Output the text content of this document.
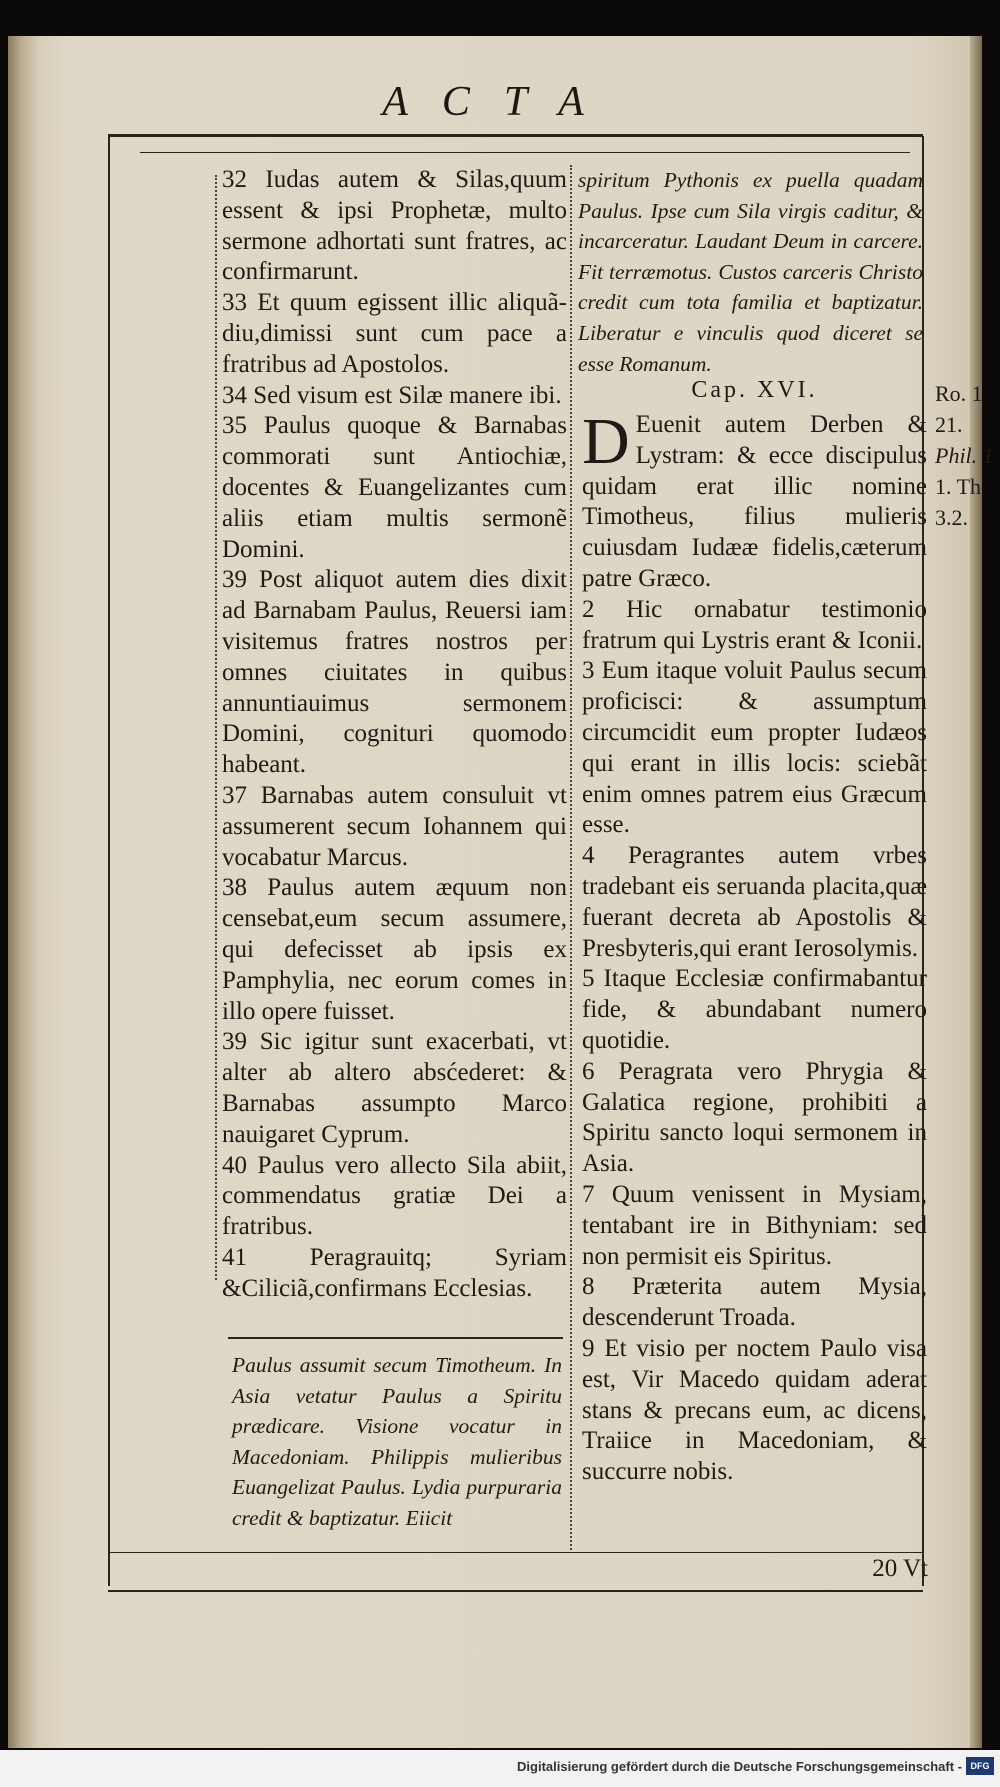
ACTA

32 Iudas autem & Silas,quum essent & ipsi Prophetæ, multo sermone adhortati sunt fratres, ac confirmarunt.

33 Et quum egissent illic aliquã-diu,dimissi sunt cum pace a fratribus ad Apostolos.

34 Sed visum est Silæ manere ibi.

35 Paulus quoque & Barnabas commorati sunt Antiochiæ, docentes & Euangelizantes cum aliis etiam multis sermonẽ Domini.

39 Post aliquot autem dies dixit ad Barnabam Paulus, Reuersi iam visitemus fratres nostros per omnes ciuitates in quibus annuntiauimus sermonem Domini, cognituri quomodo habeant.

37 Barnabas autem consuluit vt assumerent secum Iohannem qui vocabatur Marcus.

38 Paulus autem æquum non censebat,eum secum assumere, qui defecisset ab ipsis ex Pamphylia, nec eorum comes in illo opere fuisset.

39 Sic igitur sunt exacerbati, vt alter ab altero absćederet: & Barnabas assumpto Marco nauigaret Cyprum.

40 Paulus vero allecto Sila abiit, commendatus gratiæ Dei a fratribus.

41 Peragrauitq; Syriam &Ciliciã,confirmans Ecclesias.

Paulus assumit secum Timotheum. In Asia vetatur Paulus a Spiritu prædicare. Visione vocatur in Macedoniam. Philippis mulieribus Euangelizat Paulus. Lydia purpuraria credit & baptizatur. Eiicit

spiritum Pythonis ex puella quadam Paulus. Ipse cum Sila virgis caditur, & incarceratur. Laudant Deum in carcere. Fit terræmotus. Custos carceris Christo credit cum tota familia et baptizatur. Liberatur e vinculis quod diceret se esse Romanum.

Cap. XVI.

D Euenit autem Derben & Lystram: & ecce discipulus quidam erat illic nomine Timotheus, filius mulieris cuiusdam Iudææ fidelis,cæterum patre Græco.

2 Hic ornabatur testimonio fratrum qui Lystris erant & Iconii.

3 Eum itaque voluit Paulus secum proficisci: & assumptum circumcidit eum propter Iudæos qui erant in illis locis: sciebãt enim omnes patrem eius Græcum esse.

4 Peragrantes autem vrbes tradebant eis seruanda placita,quæ fuerant decreta ab Apostolis & Presbyteris,qui erant Ierosolymis.

5 Itaque Ecclesiæ confirmabantur fide, & abundabant numero quotidie.

6 Peragrata vero Phrygia & Galatica regione, prohibiti a Spiritu sancto loqui sermonem in Asia.

7 Quum venissent in Mysiam, tentabant ire in Bithyniam: sed non permisit eis Spiritus.

8 Præterita autem Mysia, descenderunt Troada.

9 Et visio per noctem Paulo visa est, Vir Macedo quidam aderat stans & precans eum, ac dicens, Traiice in Macedoniam, & succurre nobis.

Ro. 1
21.
Phil. 1
1. Th
3.2.
20 Vt
Digitalisierung gefördert durch die Deutsche Forschungsgemeinschaft - DFG
